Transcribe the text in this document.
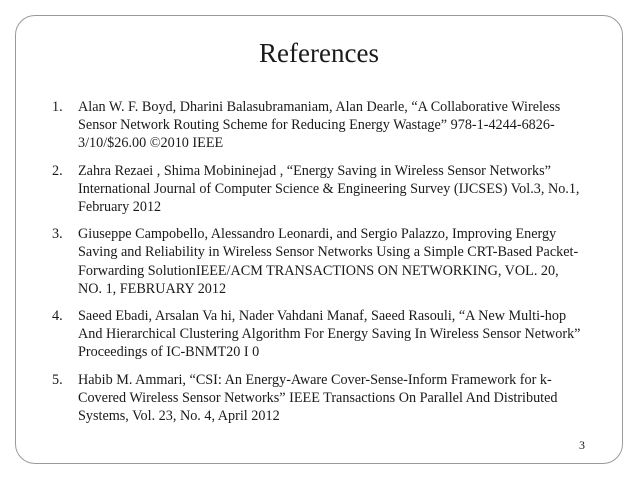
References
1. Alan W. F. Boyd, Dharini Balasubramaniam, Alan Dearle, “A Collaborative Wireless
Sensor Network Routing Scheme for Reducing Energy Wastage” 978-1-4244-6826-
3/10/$26.00 ©2010 IEEE
2. Zahra Rezaei , Shima Mobininejad , “Energy Saving in Wireless Sensor Networks”
International Journal of Computer Science & Engineering Survey (IJCSES) Vol.3, No.1,
February 2012
3. Giuseppe Campobello, Alessandro Leonardi, and Sergio Palazzo, Improving Energy
Saving and Reliability in Wireless Sensor Networks Using a Simple CRT-Based Packet-
Forwarding SolutionIEEE/ACM TRANSACTIONS ON NETWORKING, VOL. 20,
NO. 1, FEBRUARY 2012
4. Saeed Ebadi, Arsalan Va hi, Nader Vahdani Manaf, Saeed Rasouli, “A New Multi-hop
And Hierarchical Clustering Algorithm For Energy Saving In Wireless Sensor Network”
Proceedings of IC-BNMT20 I 0
5. Habib M. Ammari, “CSI: An Energy-Aware Cover-Sense-Inform Framework for k-
Covered Wireless Sensor Networks” IEEE Transactions On Parallel And Distributed
Systems, Vol. 23, No. 4, April 2012
3
